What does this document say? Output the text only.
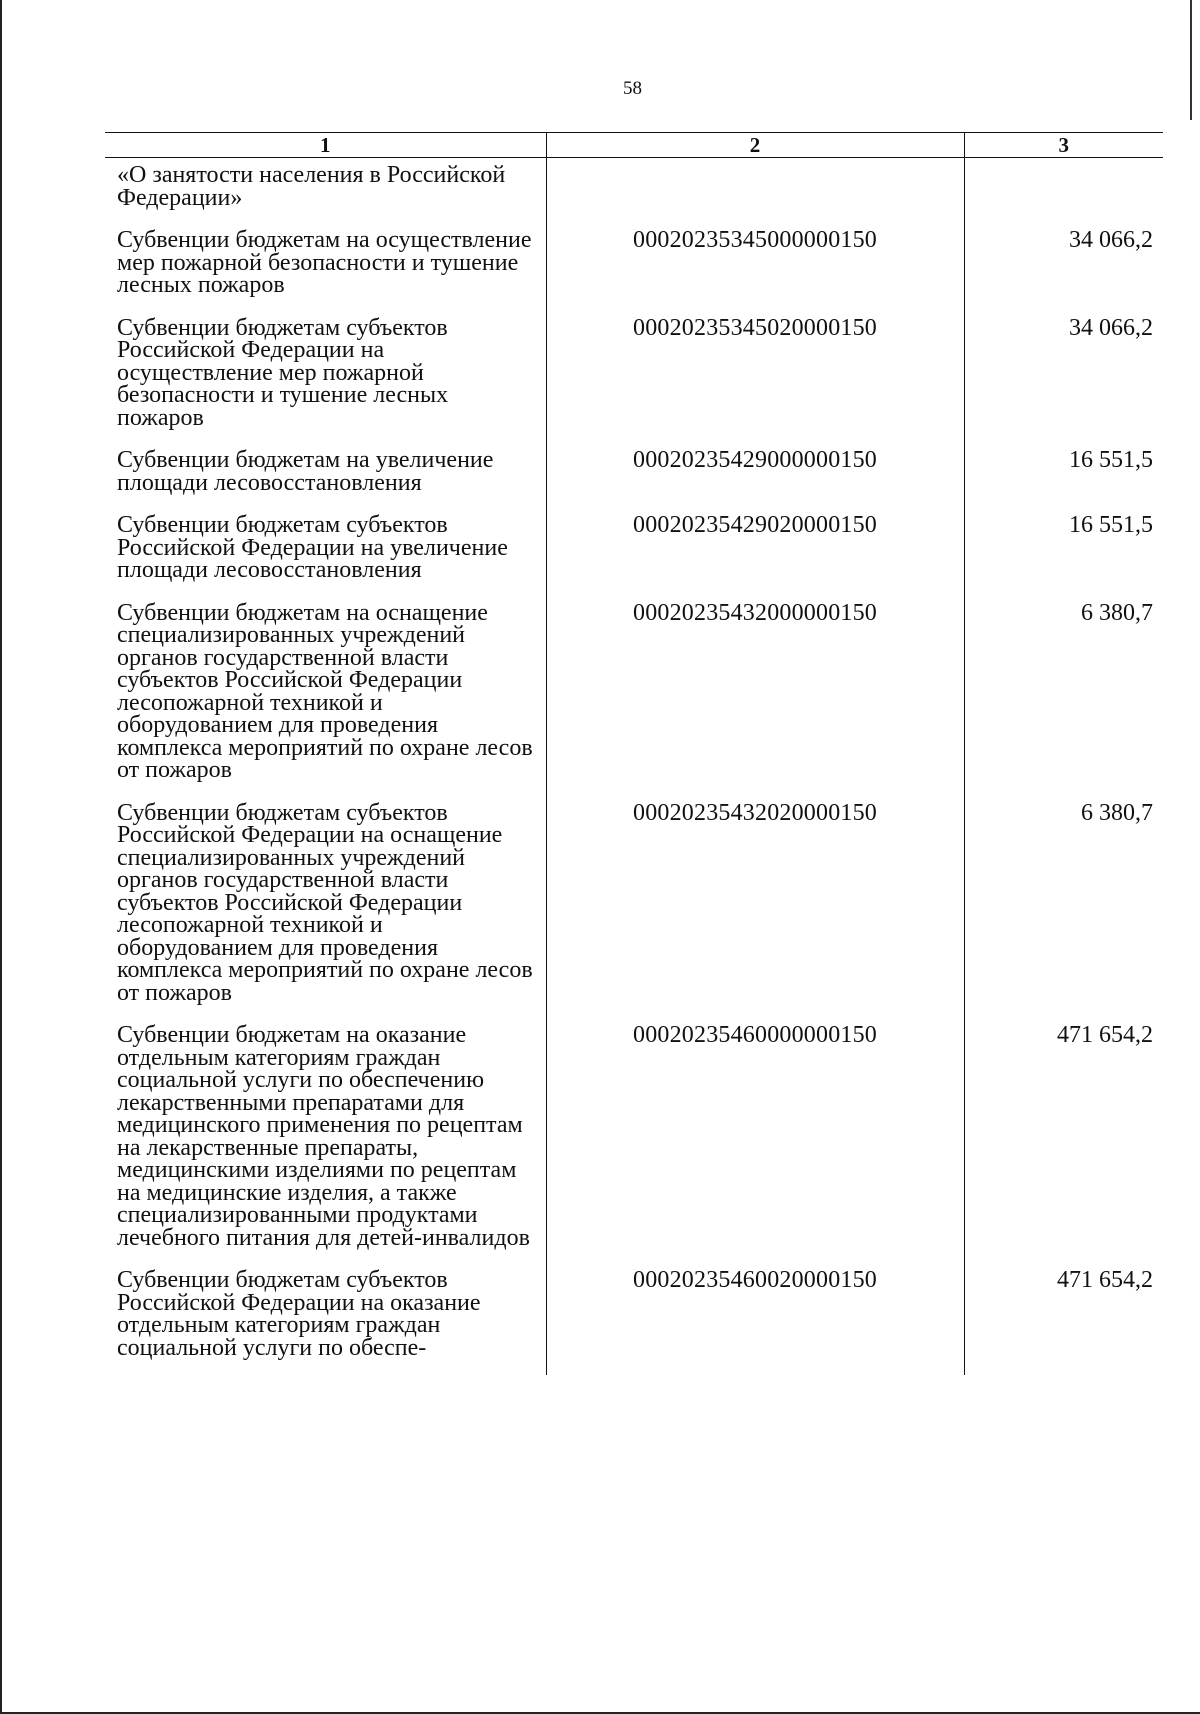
58
1	2	3
«О занятости населения в Российской Федерации»		
Субвенции бюджетам на осуществление мер пожарной безопасности и тушение лесных пожаров	00020235345000000150	34 066,2
Субвенции бюджетам субъектов Российской Федерации на осуществление мер пожарной безопасности и тушение лесных пожаров	00020235345020000150	34 066,2
Субвенции бюджетам на увеличение площади лесовосстановления	00020235429000000150	16 551,5
Субвенции бюджетам субъектов Российской Федерации на увеличение площади лесовосстановления	00020235429020000150	16 551,5
Субвенции бюджетам на оснащение специализированных учреждений органов государственной власти субъектов Российской Федерации лесопожарной техникой и оборудованием для проведения комплекса мероприятий по охране лесов от пожаров	00020235432000000150	6 380,7
Субвенции бюджетам субъектов Российской Федерации на оснащение специализированных учреждений органов государственной власти субъектов Российской Федерации лесопожарной техникой и оборудованием для проведения комплекса мероприятий по охране лесов от пожаров	00020235432020000150	6 380,7
Субвенции бюджетам на оказание отдельным категориям граждан социальной услуги по обеспечению лекарственными препаратами для медицинского применения по рецептам на лекарственные препараты, медицинскими изделиями по рецептам на медицинские изделия, а также специализированными продуктами лечебного питания для детей-инвалидов	00020235460000000150	471 654,2
Субвенции бюджетам субъектов Российской Федерации на оказание отдельным категориям граждан социальной услуги по обеспе-	00020235460020000150	471 654,2
